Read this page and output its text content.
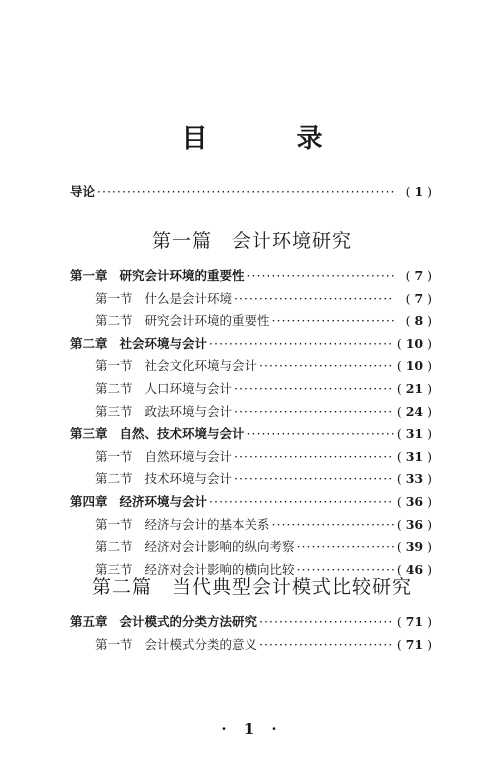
目 录
导论 ·····	( 1 )
第一篇　会计环境研究
第一章 研究会计环境的重要性 ·····	( 7 )
第一节 什么是会计环境 ·····	( 7 )
第二节 研究会计环境的重要性 ·····	( 8 )
第二章 社会环境与会计 ·····	( 10 )
第一节 社会文化环境与会计 ·····	( 10 )
第二节 人口环境与会计 ·····	( 21 )
第三节 政法环境与会计 ·····	( 24 )
第三章 自然、技术环境与会计 ·····	( 31 )
第一节 自然环境与会计 ·····	( 31 )
第二节 技术环境与会计 ·····	( 33 )
第四章 经济环境与会计 ·····	( 36 )
第一节 经济与会计的基本关系 ·····	( 36 )
第二节 经济对会计影响的纵向考察 ·····	( 39 )
第三节 经济对会计影响的横向比较 ·····	( 46 )
第二篇　当代典型会计模式比较研究
第五章 会计模式的分类方法研究 ·····	( 71 )
第一节 会计模式分类的意义 ·····	( 71 )
· 1 ·
